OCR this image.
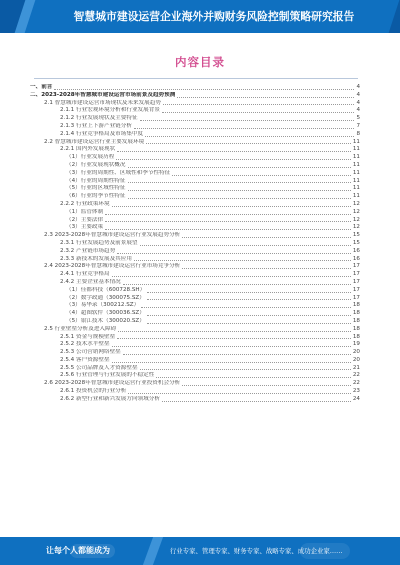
智慧城市建设运营企业海外并购财务风险控制策略研究报告
内容目录
一、前言	4
二、2023-2028年智慧城市建设运营市场前景及趋势预测	4
2.1 智慧城市建设运营市场现状及未来发展趋势	4
2.1.1 行业宏观环境分析和行业发展背景	4
2.1.2 行业发展现状及主要特征	5
2.1.3 行业上下游产业链分析	7
2.1.4 行业竞争格局及市场集中度	8
2.2 智慧城市建设运营行业主要发展环境	11
2.2.1 国内外发展现状	11
（1）行业发展历程	11
（2）行业发展现状概况	11
（3）行业的周期性、区域性和季节性特征	11
（4）行业的周期性特征	11
（5）行业的区域性特征	11
（6）行业的季节性特征	11
2.2.2 行业政策环境	12
（1）监管体制	12
（2）主要法律	12
（3）主要政策	12
2.3 2023-2028年智慧城市建设运营行业发展趋势分析	15
2.3.1 行业发展趋势及前景展望	15
2.3.2 产业链市场趋势	16
2.3.3 新技术的发展及其应用	16
2.4 2023-2028年智慧城市建设运营行业市场竞争分析	17
2.4.1 行业竞争格局	17
2.4.2 主要企业基本情况	17
（1）佳都科技（600728.SH）	17
（2）数字政通（300075.SZ）	17
（3）易华录（300212.SZ）	18
（4）超图软件（300036.SZ）	18
（5）银江技术（300020.SZ）	18
2.5 行业壁垒分析及进入障碍	18
2.5.1 资金与规模壁垒	18
2.5.2 技术水平壁垒	19
2.5.3 公司营销网络壁垒	20
2.5.4 客户资源壁垒	20
2.5.5 公司品牌及人才资源壁垒	21
2.5.6 行业管理与行业发展的不稳定性	22
2.6 2023-2028年智慧城市建设运营行业投资机会分析	22
2.6.1 投资机会的行业分析	23
2.6.2 新型行业和新兴发展方向领域分析	24
让每个人都能成为	行业专家、管理专家、财务专家、战略专家、成功企业家……
